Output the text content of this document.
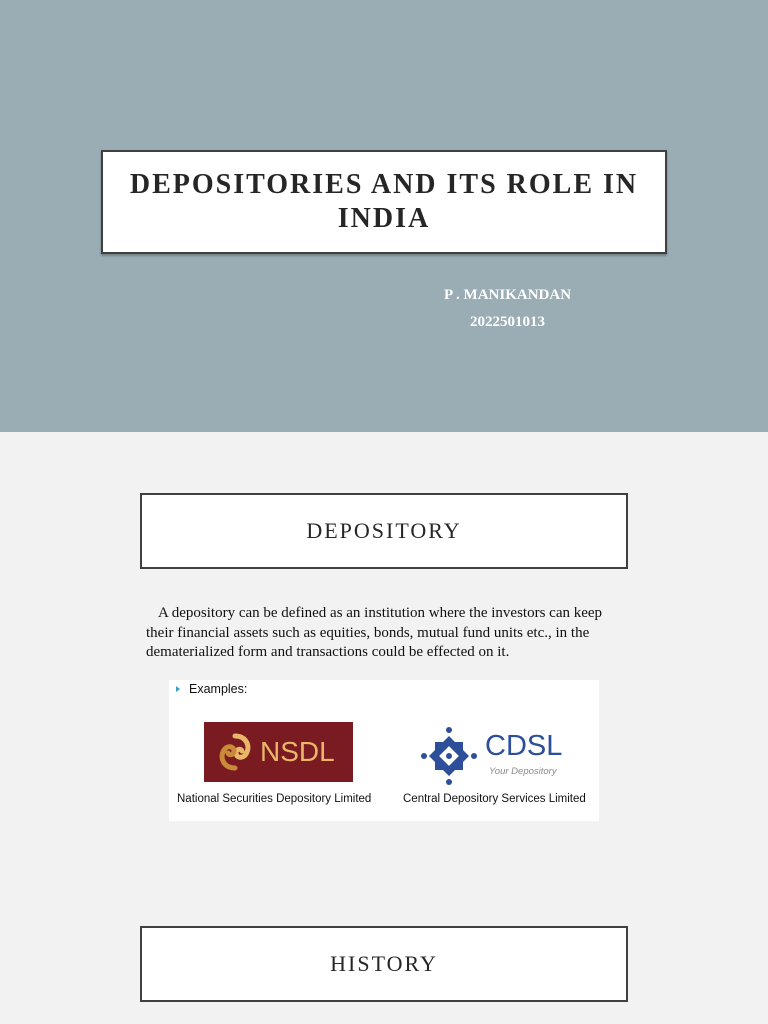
DEPOSITORIES AND ITS ROLE IN INDIA
P . MANIKANDAN
2022501013
DEPOSITORY

A depository can be defined as an institution where the investors can keep their financial assets such as equities, bonds, mutual fund units etc., in the dematerialized form and transactions could be effected on it.

Examples:
NSDL	CDSL
Your Depository
National Securities Depository Limited	Central Depository Services Limited
HISTORY
